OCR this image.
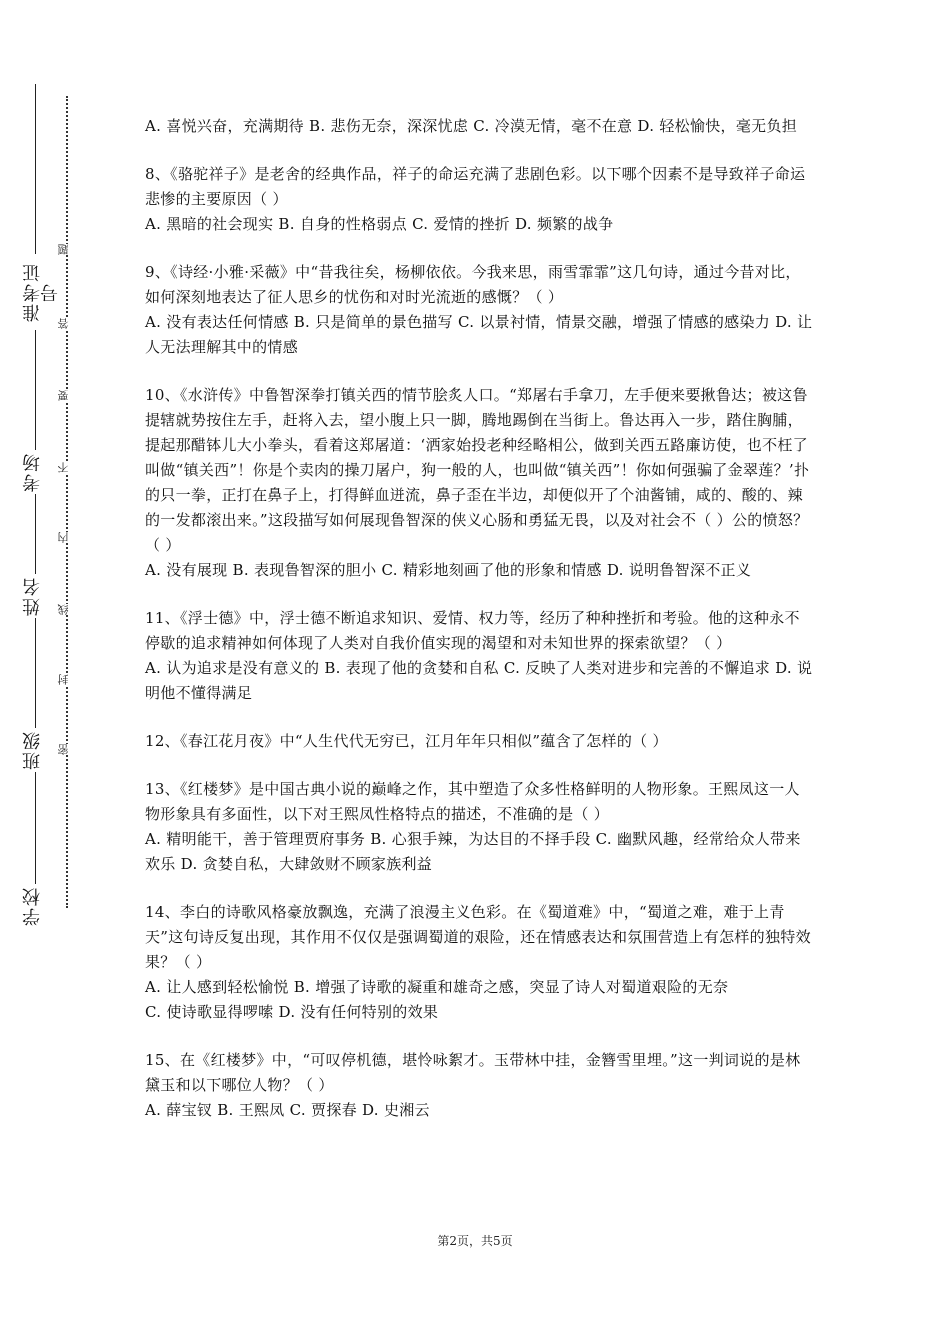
准考证号
考场
姓名
班级
学校
题
答
要
不
内
线
封
密

A. 喜悦兴奋，充满期待 B. 悲伤无奈，深深忧虑 C. 冷漠无情，毫不在意 D. 轻松愉快，毫无负担

8、《骆驼祥子》是老舍的经典作品，祥子的命运充满了悲剧色彩。以下哪个因素不是导致祥子命运悲惨的主要原因（ ）

A. 黑暗的社会现实 B. 自身的性格弱点 C. 爱情的挫折 D. 频繁的战争

9、《诗经·小雅·采薇》中“昔我往矣，杨柳依依。今我来思，雨雪霏霏”这几句诗，通过今昔对比，如何深刻地表达了征人思乡的忧伤和对时光流逝的感慨？（ ）

A. 没有表达任何情感 B. 只是简单的景色描写 C. 以景衬情，情景交融，增强了情感的感染力 D. 让人无法理解其中的情感

10、《水浒传》中鲁智深拳打镇关西的情节脍炙人口。“郑屠右手拿刀，左手便来要揪鲁达；被这鲁提辖就势按住左手，赶将入去，望小腹上只一脚，腾地踢倒在当街上。鲁达再入一步，踏住胸脯，提起那醋钵儿大小拳头，看着这郑屠道：‘洒家始投老种经略相公，做到关西五路廉访使，也不枉了叫做“镇关西”！你是个卖肉的操刀屠户，狗一般的人，也叫做“镇关西”！你如何强骗了金翠莲？’扑的只一拳，正打在鼻子上，打得鲜血迸流，鼻子歪在半边，却便似开了个油酱铺，咸的、酸的、辣的一发都滚出来。”这段描写如何展现鲁智深的侠义心肠和勇猛无畏，以及对社会不（ ）公的愤怒？（ ）

A. 没有展现 B. 表现鲁智深的胆小 C. 精彩地刻画了他的形象和情感 D. 说明鲁智深不正义

11、《浮士德》中，浮士德不断追求知识、爱情、权力等，经历了种种挫折和考验。他的这种永不停歇的追求精神如何体现了人类对自我价值实现的渴望和对未知世界的探索欲望？（ ）

A. 认为追求是没有意义的 B. 表现了他的贪婪和自私 C. 反映了人类对进步和完善的不懈追求 D. 说明他不懂得满足

12、《春江花月夜》中“人生代代无穷已，江月年年只相似”蕴含了怎样的（ ）

13、《红楼梦》是中国古典小说的巅峰之作，其中塑造了众多性格鲜明的人物形象。王熙凤这一人物形象具有多面性，以下对王熙凤性格特点的描述，不准确的是（ ）

A. 精明能干，善于管理贾府事务 B. 心狠手辣，为达目的不择手段 C. 幽默风趣，经常给众人带来欢乐 D. 贪婪自私，大肆敛财不顾家族利益

14、李白的诗歌风格豪放飘逸，充满了浪漫主义色彩。在《蜀道难》中，“蜀道之难，难于上青天”这句诗反复出现，其作用不仅仅是强调蜀道的艰险，还在情感表达和氛围营造上有怎样的独特效果？（ ）

A. 让人感到轻松愉悦 B. 增强了诗歌的凝重和雄奇之感，突显了诗人对蜀道艰险的无奈

C. 使诗歌显得啰嗦 D. 没有任何特别的效果

15、在《红楼梦》中，“可叹停机德，堪怜咏絮才。玉带林中挂，金簪雪里埋。”这一判词说的是林黛玉和以下哪位人物？（ ）

A. 薛宝钗 B. 王熙凤 C. 贾探春 D. 史湘云

第2页，共5页
